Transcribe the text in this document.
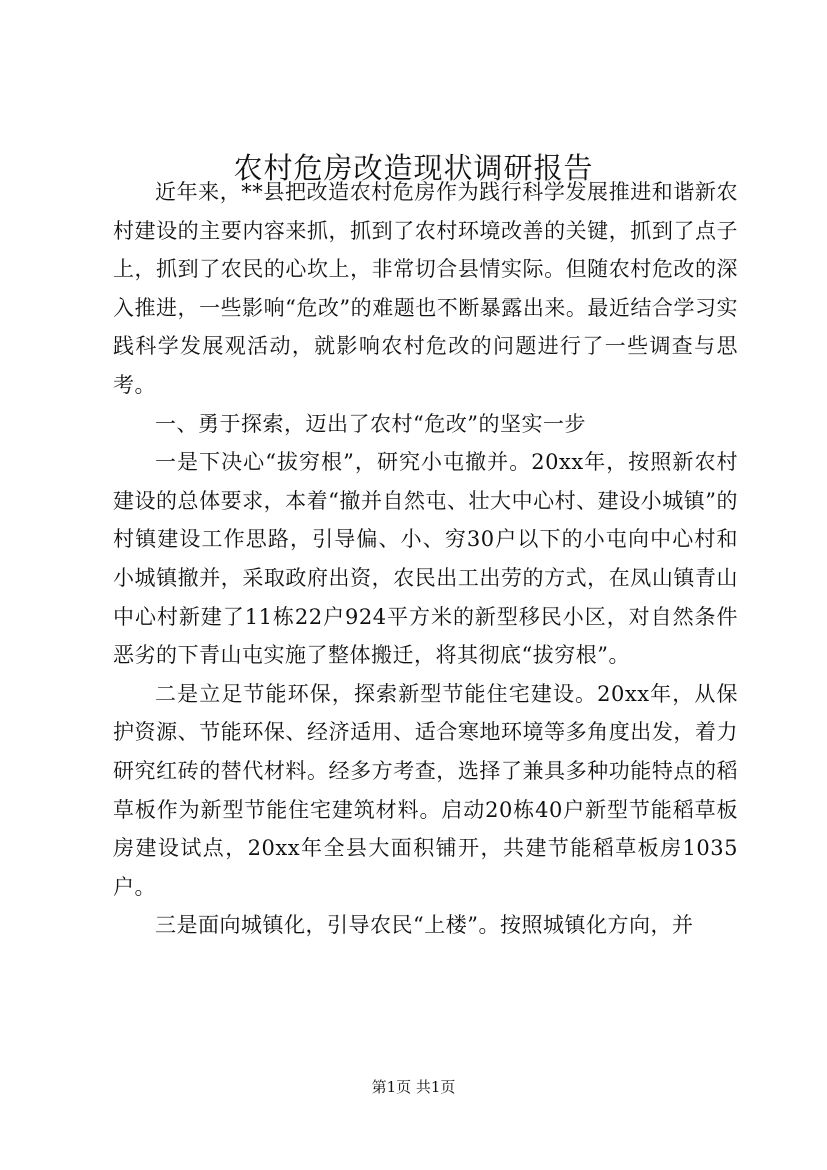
农村危房改造现状调研报告

近年来，**县把改造农村危房作为践行科学发展推进和谐新农村建设的主要内容来抓，抓到了农村环境改善的关键，抓到了点子上，抓到了农民的心坎上，非常切合县情实际。但随农村危改的深入推进，一些影响“危改”的难题也不断暴露出来。最近结合学习实践科学发展观活动，就影响农村危改的问题进行了一些调查与思考。

一、勇于探索，迈出了农村“危改”的坚实一步

一是下决心“拔穷根”，研究小屯撤并。20xx年，按照新农村建设的总体要求，本着“撤并自然屯、壮大中心村、建设小城镇”的村镇建设工作思路，引导偏、小、穷30户以下的小屯向中心村和小城镇撤并，采取政府出资，农民出工出劳的方式，在凤山镇青山中心村新建了11栋22户924平方米的新型移民小区，对自然条件恶劣的下青山屯实施了整体搬迁，将其彻底“拔穷根”。

二是立足节能环保，探索新型节能住宅建设。20xx年，从保护资源、节能环保、经济适用、适合寒地环境等多角度出发，着力研究红砖的替代材料。经多方考查，选择了兼具多种功能特点的稻草板作为新型节能住宅建筑材料。启动20栋40户新型节能稻草板房建设试点，20xx年全县大面积铺开，共建节能稻草板房1035户。

三是面向城镇化，引导农民“上楼”。按照城镇化方向，并

第1页 共1页
